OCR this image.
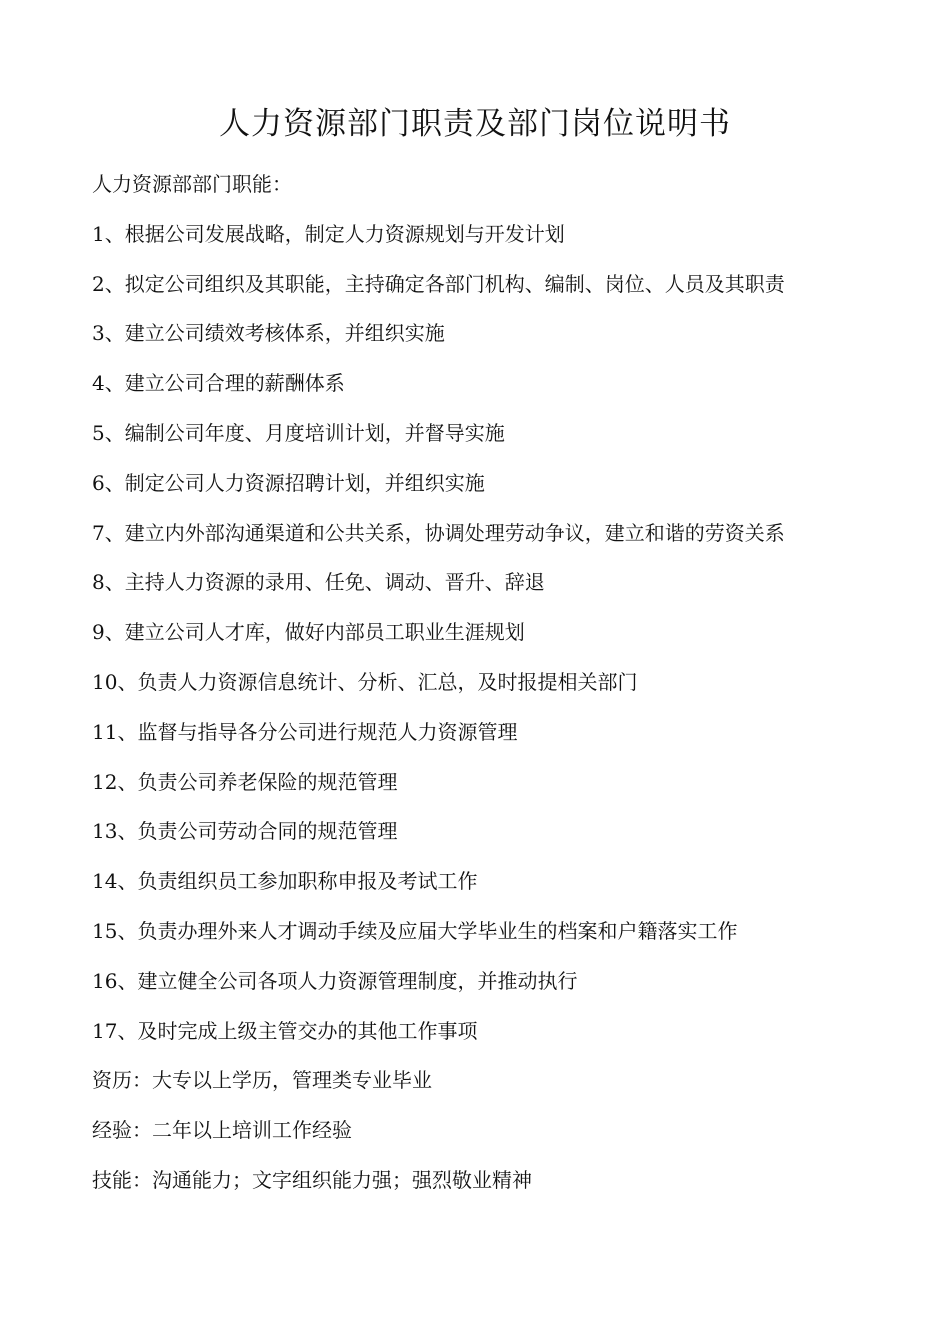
人力资源部门职责及部门岗位说明书

人力资源部部门职能：

1、根据公司发展战略，制定人力资源规划与开发计划
2、拟定公司组织及其职能，主持确定各部门机构、编制、岗位、人员及其职责
3、建立公司绩效考核体系，并组织实施
4、建立公司合理的薪酬体系
5、编制公司年度、月度培训计划，并督导实施
6、制定公司人力资源招聘计划，并组织实施
7、建立内外部沟通渠道和公共关系，协调处理劳动争议，建立和谐的劳资关系
8、主持人力资源的录用、任免、调动、晋升、辞退
9、建立公司人才库，做好内部员工职业生涯规划
10、负责人力资源信息统计、分析、汇总，及时报提相关部门
11、监督与指导各分公司进行规范人力资源管理
12、负责公司养老保险的规范管理
13、负责公司劳动合同的规范管理
14、负责组织员工参加职称申报及考试工作
15、负责办理外来人才调动手续及应届大学毕业生的档案和户籍落实工作
16、建立健全公司各项人力资源管理制度，并推动执行
17、及时完成上级主管交办的其他工作事项

资历：大专以上学历，管理类专业毕业

经验：二年以上培训工作经验

技能：沟通能力；文字组织能力强；强烈敬业精神
